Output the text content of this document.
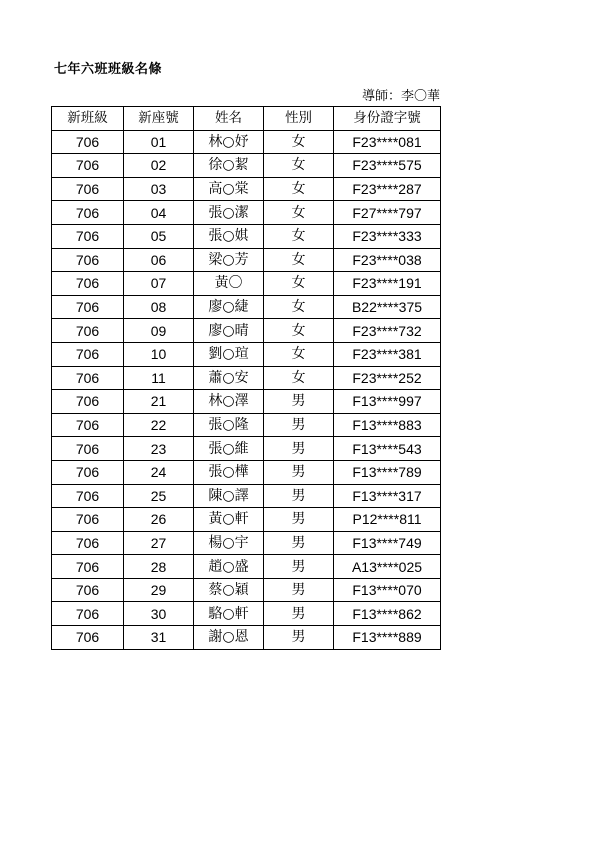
七年六班班級名條
導師：李〇華
新班級	新座號	姓名	性別	身份證字號
706	01	林○妤	女	F23****081
706	02	徐○絜	女	F23****575
706	03	高○棠	女	F23****287
706	04	張○潔	女	F27****797
706	05	張○娸	女	F23****333
706	06	梁○芳	女	F23****038
706	07	黃〇	女	F23****191
706	08	廖○緁	女	B22****375
706	09	廖○晴	女	F23****732
706	10	劉○瑄	女	F23****381
706	11	蕭○安	女	F23****252
706	21	林○澤	男	F13****997
706	22	張○隆	男	F13****883
706	23	張○維	男	F13****543
706	24	張○樺	男	F13****789
706	25	陳○譯	男	F13****317
706	26	黃○軒	男	P12****811
706	27	楊○宇	男	F13****749
706	28	趙○盛	男	A13****025
706	29	蔡○穎	男	F13****070
706	30	駱○軒	男	F13****862
706	31	謝○恩	男	F13****889
